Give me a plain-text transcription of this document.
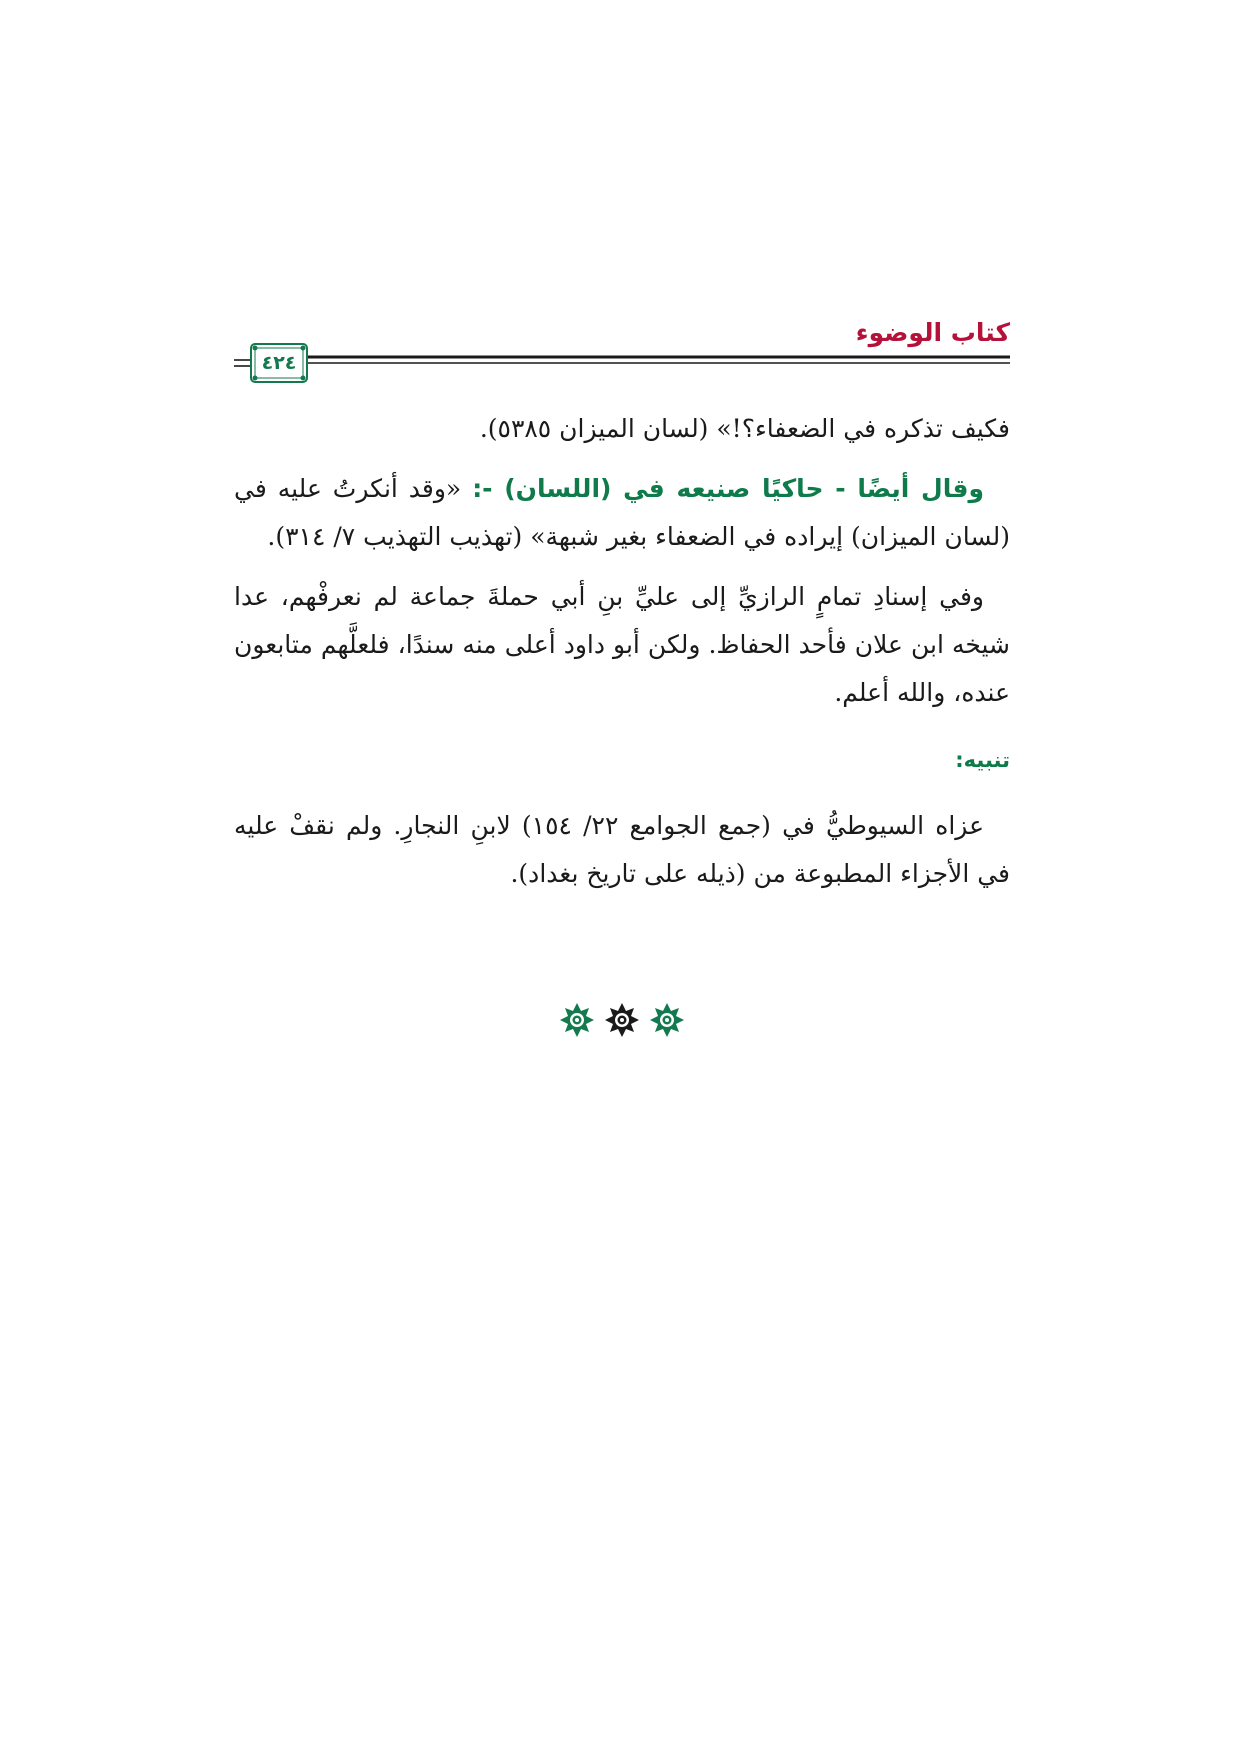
٤٢٤
كتاب الوضوء

فكيف تذكره في الضعفاء؟!» (لسان الميزان ٥٣٨٥).

وقال أيضًا - حاكيًا صنيعه في (اللسان) -: «وقد أنكرتُ عليه في (لسان الميزان) إيراده في الضعفاء بغير شبهة» (تهذيب التهذيب ٧/ ٣١٤).

وفي إسنادِ تمامٍ الرازيِّ إلى عليِّ بنِ أبي حملةَ جماعة لم نعرفْهم، عدا شيخه ابن علان فأحد الحفاظ. ولكن أبو داود أعلى منه سندًا، فلعلَّهم متابعون عنده، والله أعلم.

تنبيه:

عزاه السيوطيُّ في (جمع الجوامع ٢٢/ ١٥٤) لابنِ النجارِ. ولم نقفْ عليه في الأجزاء المطبوعة من (ذيله على تاريخ بغداد).
